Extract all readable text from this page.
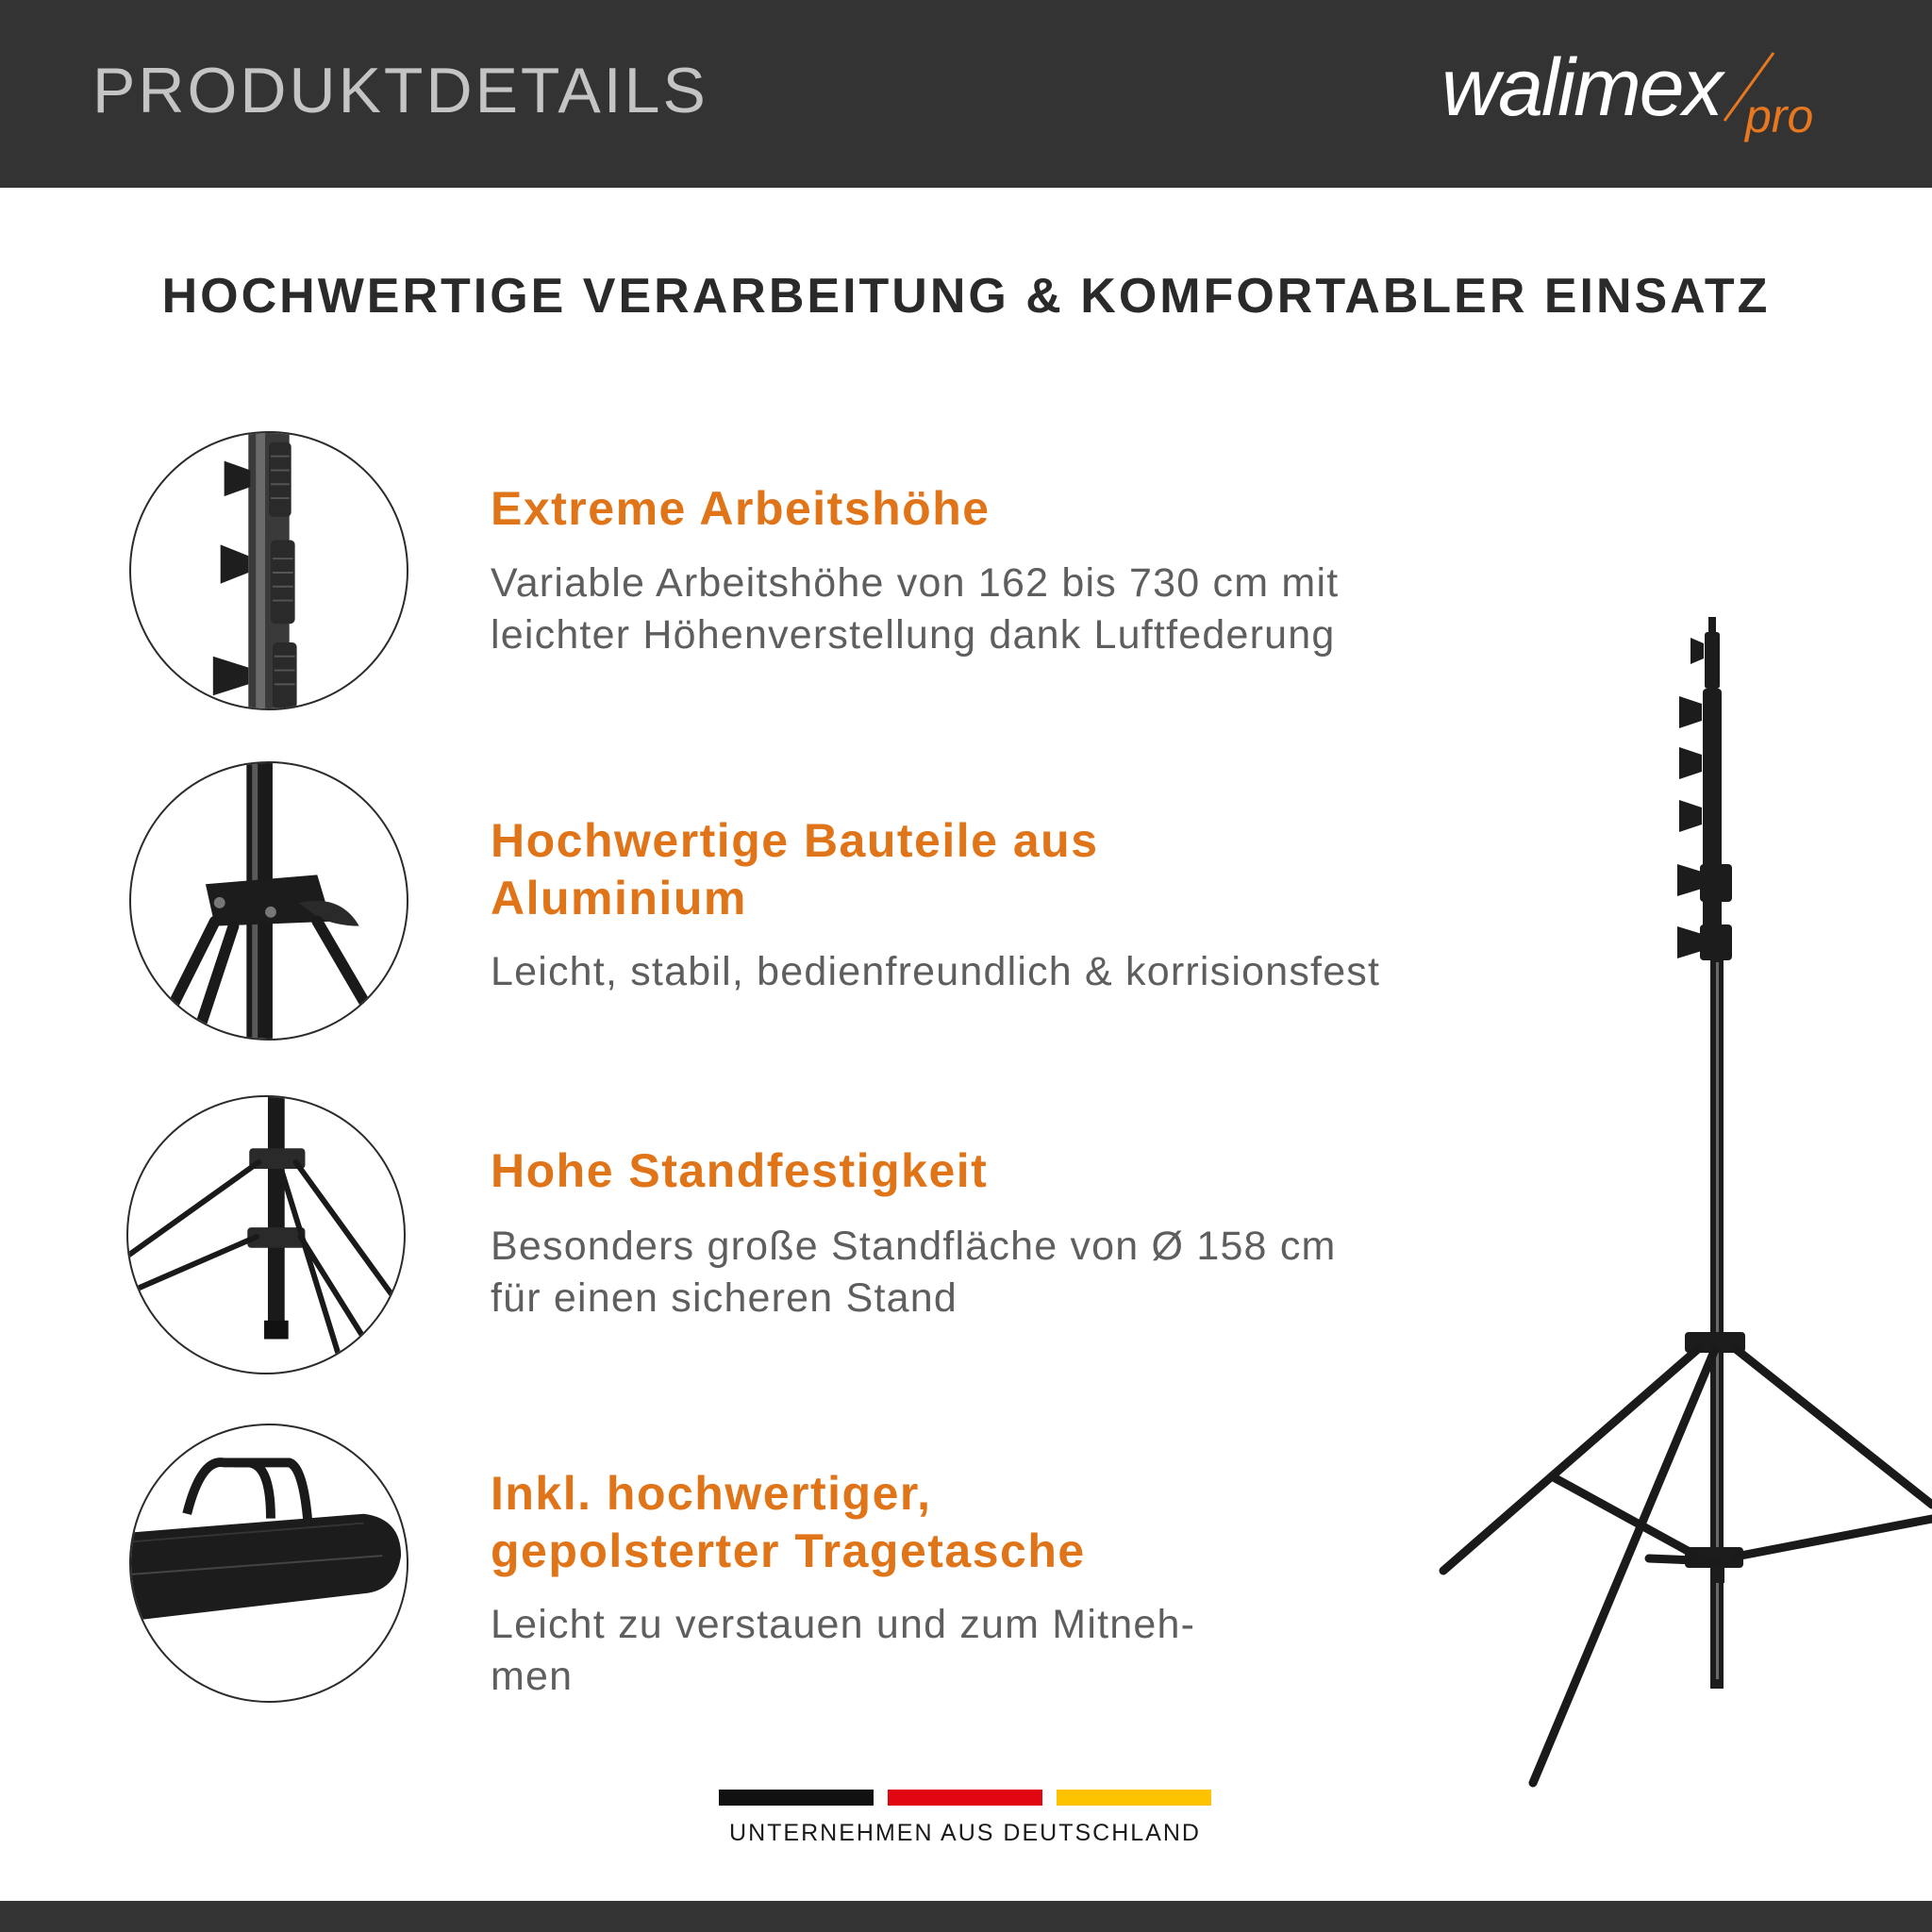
PRODUKTDETAILS	walimex pro
HOCHWERTIGE VERARBEITUNG & KOMFORTABLER EINSATZ
Extreme Arbeitshöhe
Variable Arbeitshöhe von 162 bis 730 cm mit
leichter Höhenverstellung dank Luftfederung
Hochwertige Bauteile aus
Aluminium
Leicht, stabil, bedienfreundlich & korrisionsfest
Hohe Standfestigkeit
Besonders große Standfläche von Ø 158 cm
für einen sicheren Stand
Inkl. hochwertiger,
gepolsterter Tragetasche
Leicht zu verstauen und zum Mitneh-
men
UNTERNEHMEN AUS DEUTSCHLAND
